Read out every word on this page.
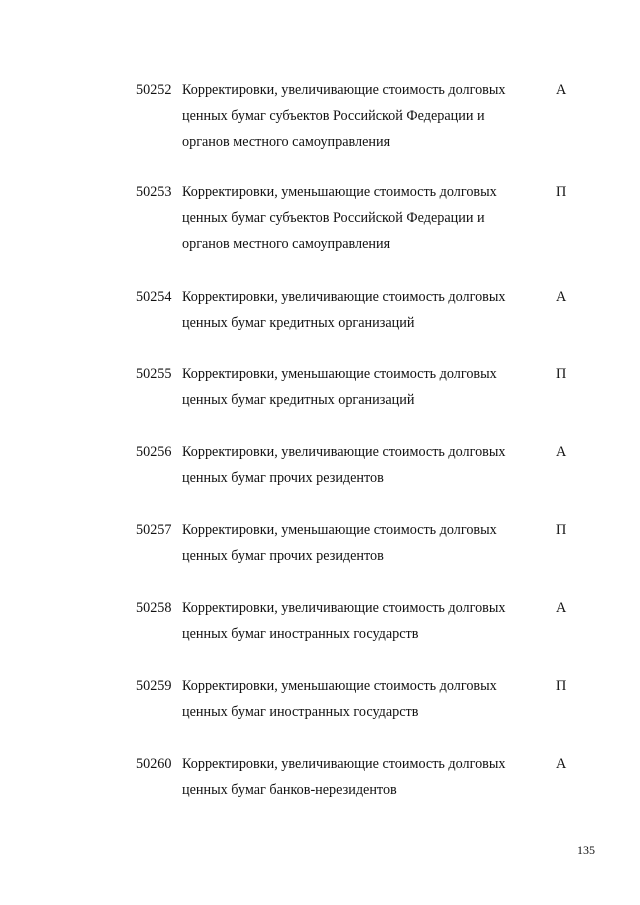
50252 Корректировки, увеличивающие стоимость долговых
ценных бумаг субъектов Российской Федерации и
органов местного самоуправления
А
50253 Корректировки, уменьшающие стоимость долговых
ценных бумаг субъектов Российской Федерации и
органов местного самоуправления
П
50254 Корректировки, увеличивающие стоимость долговых
ценных бумаг кредитных организаций
А
50255 Корректировки, уменьшающие стоимость долговых
ценных бумаг кредитных организаций
П
50256 Корректировки, увеличивающие стоимость долговых
ценных бумаг прочих резидентов
А
50257 Корректировки, уменьшающие стоимость долговых
ценных бумаг прочих резидентов
П
50258 Корректировки, увеличивающие стоимость долговых
ценных бумаг иностранных государств
А
50259 Корректировки, уменьшающие стоимость долговых
ценных бумаг иностранных государств
П
50260 Корректировки, увеличивающие стоимость долговых
ценных бумаг банков-нерезидентов
А
135
